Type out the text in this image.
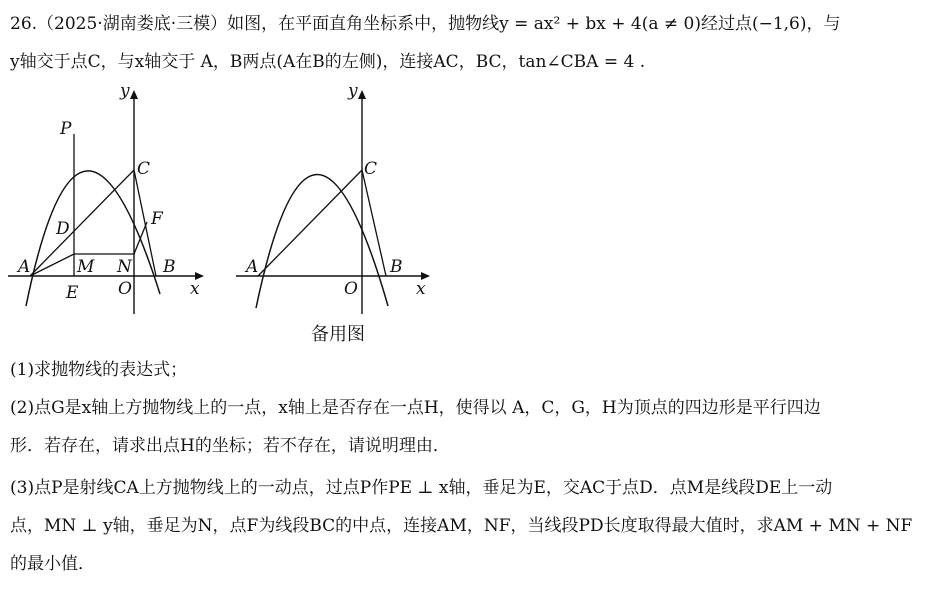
26.（2025·湖南娄底·三模）如图，在平面直角坐标系中，抛物线y = ax² + bx + 4(a ≠ 0)经过点(−1,6)，与
y轴交于点C，与x轴交于 A，B两点(A在B的左侧)，连接AC，BC，tan∠CBA = 4 .
y
x
P
C
D	F
A	M N B
E O
y
x
C
A	B
O
备用图
(1)求抛物线的表达式；
(2)点G是x轴上方抛物线上的一点，x轴上是否存在一点H，使得以 A，C，G，H为顶点的四边形是平行四边
形．若存在，请求出点H的坐标；若不存在，请说明理由．
(3)点P是射线CA上方抛物线上的一动点，过点P作PE ⊥ x轴，垂足为E，交AC于点D．点M是线段DE上一动
点，MN ⊥ y轴，垂足为N，点F为线段BC的中点，连接AM，NF，当线段PD长度取得最大值时，求AM + MN + NF
的最小值．
